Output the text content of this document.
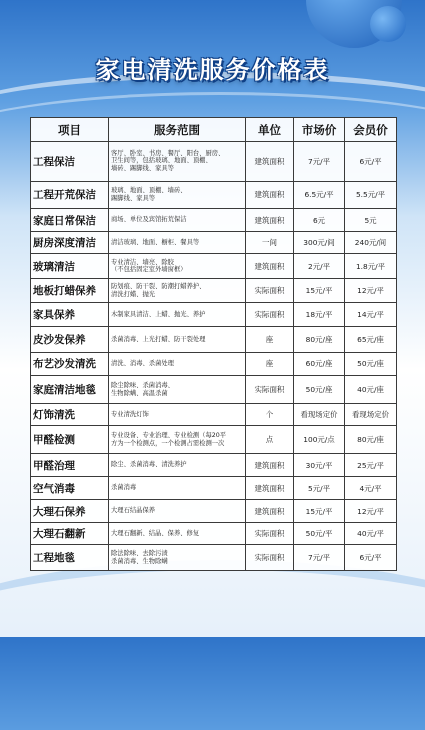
家电清洗服务价格表
项目	服务范围	单位	市场价	会员价
工程保洁	客厅、卧室、书房、餐厅、阳台、厨房、
卫生间等，包括玻璃、地面、顶棚、
墙砖、踢脚线、家具等	建筑面积	7元/平	6元/平
工程开荒保洁	玻璃、地面、顶棚、墙砖、
踢脚线、家具等	建筑面积	6.5元/平	5.5元/平
家庭日常保洁	商场、单位及宾馆拓荒保洁	建筑面积	6元	5元
厨房深度清洁	清洁玻璃、地面、橱柜、餐具等	一间	300元/间	240元/间
玻璃清洁	专业清洁、墙亮、除胶
（不包括固定室外墙窗框）	建筑面积	2元/平	1.8元/平
地板打蜡保养	防划痕、防干裂、防潮打蜡养护、
清洗打蜡、抛光	实际面积	15元/平	12元/平
家具保养	木制家具清洁、上蜡、抛光、养护	实际面积	18元/平	14元/平
皮沙发保养	杀菌消毒、上光打蜡、防干裂处理	座	80元/座	65元/座
布艺沙发清洗	清洗、消毒、杀菌处理	座	60元/座	50元/座
家庭清洁地毯	除尘除味、杀菌消毒、
生物除螨、高温杀菌	实际面积	50元/座	40元/座
灯饰清洗	专业清洗灯饰	个	看现场定价	看现场定价
甲醛检测	专业设备、专业治理、专业检测（每20平
方为一个检测点，一个检测占需检测一次	点	100元/点	80元/座
甲醛治理	除尘、杀菌消毒、清洗养护	建筑面积	30元/平	25元/平
空气消毒	杀菌消毒	建筑面积	5元/平	4元/平
大理石保养	大理石结晶保养	建筑面积	15元/平	12元/平
大理石翻新	大理石翻新、结晶、保养、修复	实际面积	50元/平	40元/平
工程地毯	除法除味、去除污渍
杀菌消毒、生物除螨	实际面积	7元/平	6元/平
